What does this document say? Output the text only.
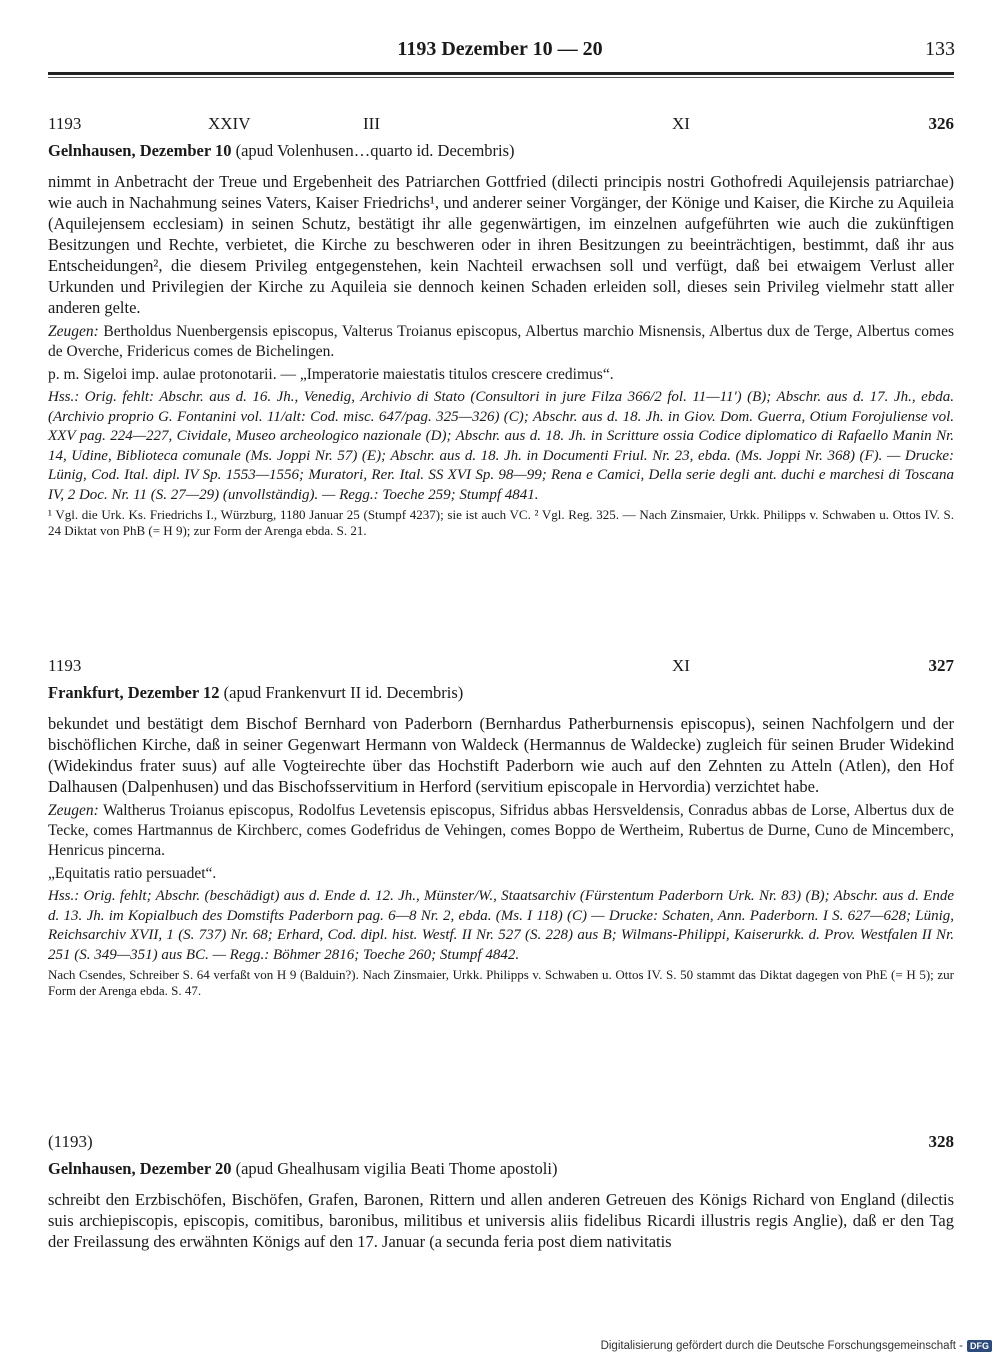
1193 Dezember 10 — 20	133
1193	XXIV	III	XI	326
Gelnhausen, Dezember 10 (apud Volenhusen…quarto id. Decembris)

nimmt in Anbetracht der Treue und Ergebenheit des Patriarchen Gottfried (dilecti principis nostri Gothofredi Aquilejensis patriarchae) wie auch in Nachahmung seines Vaters, Kaiser Friedrichs¹, und anderer seiner Vorgänger, der Könige und Kaiser, die Kirche zu Aquileia (Aquilejensem ecclesiam) in seinen Schutz, bestätigt ihr alle gegenwärtigen, im einzelnen aufgeführten wie auch die zukünftigen Besitzungen und Rechte, verbietet, die Kirche zu beschweren oder in ihren Besitzungen zu beeinträchtigen, bestimmt, daß ihr aus Entscheidungen², die diesem Privileg entgegenstehen, kein Nachteil erwachsen soll und verfügt, daß bei etwaigem Verlust aller Urkunden und Privilegien der Kirche zu Aquileia sie dennoch keinen Schaden erleiden soll, dieses sein Privileg vielmehr statt aller anderen gelte.

Zeugen: Bertholdus Nuenbergensis episcopus, Valterus Troianus episcopus, Albertus marchio Misnensis, Albertus dux de Terge, Albertus comes de Overche, Fridericus comes de Bichelingen.

p. m. Sigeloi imp. aulae protonotarii. — „Imperatorie maiestatis titulos crescere credimus“.

Hss.: Orig. fehlt: Abschr. aus d. 16. Jh., Venedig, Archivio di Stato (Consultori in jure Filza 366/2 fol. 11—11') (B); Abschr. aus d. 17. Jh., ebda. (Archivio proprio G. Fontanini vol. 11/alt: Cod. misc. 647/pag. 325—326) (C); Abschr. aus d. 18. Jh. in Giov. Dom. Guerra, Otium Forojuliense vol. XXV pag. 224—227, Cividale, Museo archeologico nazionale (D); Abschr. aus d. 18. Jh. in Scritture ossia Codice diplomatico di Rafaello Manin Nr. 14, Udine, Biblioteca comunale (Ms. Joppi Nr. 57) (E); Abschr. aus d. 18. Jh. in Documenti Friul. Nr. 23, ebda. (Ms. Joppi Nr. 368) (F). — Drucke: Lünig, Cod. Ital. dipl. IV Sp. 1553—1556; Muratori, Rer. Ital. SS XVI Sp. 98—99; Rena e Camici, Della serie degli ant. duchi e marchesi di Toscana IV, 2 Doc. Nr. 11 (S. 27—29) (unvollständig). — Regg.: Toeche 259; Stumpf 4841.

¹ Vgl. die Urk. Ks. Friedrichs I., Würzburg, 1180 Januar 25 (Stumpf 4237); sie ist auch VC. ² Vgl. Reg. 325. — Nach Zinsmaier, Urkk. Philipps v. Schwaben u. Ottos IV. S. 24 Diktat von PhB (= H 9); zur Form der Arenga ebda. S. 21.

1193	XI	327
Frankfurt, Dezember 12 (apud Frankenvurt II id. Decembris)

bekundet und bestätigt dem Bischof Bernhard von Paderborn (Bernhardus Patherburnensis episcopus), seinen Nachfolgern und der bischöflichen Kirche, daß in seiner Gegenwart Hermann von Waldeck (Hermannus de Waldecke) zugleich für seinen Bruder Widekind (Widekindus frater suus) auf alle Vogteirechte über das Hochstift Paderborn wie auch auf den Zehnten zu Atteln (Atlen), den Hof Dalhausen (Dalpenhusen) und das Bischofsservitium in Herford (servitium episcopale in Hervordia) verzichtet habe.

Zeugen: Waltherus Troianus episcopus, Rodolfus Levetensis episcopus, Sifridus abbas Hersveldensis, Conradus abbas de Lorse, Albertus dux de Tecke, comes Hartmannus de Kirchberc, comes Godefridus de Vehingen, comes Boppo de Wertheim, Rubertus de Durne, Cuno de Mincemberc, Henricus pincerna.

„Equitatis ratio persuadet“.

Hss.: Orig. fehlt; Abschr. (beschädigt) aus d. Ende d. 12. Jh., Münster/W., Staatsarchiv (Fürstentum Paderborn Urk. Nr. 83) (B); Abschr. aus d. Ende d. 13. Jh. im Kopialbuch des Domstifts Paderborn pag. 6—8 Nr. 2, ebda. (Ms. I 118) (C) — Drucke: Schaten, Ann. Paderborn. I S. 627—628; Lünig, Reichsarchiv XVII, 1 (S. 737) Nr. 68; Erhard, Cod. dipl. hist. Westf. II Nr. 527 (S. 228) aus B; Wilmans-Philippi, Kaiserurkk. d. Prov. Westfalen II Nr. 251 (S. 349—351) aus BC. — Regg.: Böhmer 2816; Toeche 260; Stumpf 4842.

Nach Csendes, Schreiber S. 64 verfaßt von H 9 (Balduin?). Nach Zinsmaier, Urkk. Philipps v. Schwaben u. Ottos IV. S. 50 stammt das Diktat dagegen von PhE (= H 5); zur Form der Arenga ebda. S. 47.

(1193)	328
Gelnhausen, Dezember 20 (apud Ghealhusam vigilia Beati Thome apostoli)

schreibt den Erzbischöfen, Bischöfen, Grafen, Baronen, Rittern und allen anderen Getreuen des Königs Richard von England (dilectis suis archiepiscopis, episcopis, comitibus, baronibus, militibus et universis aliis fidelibus Ricardi illustris regis Anglie), daß er den Tag der Freilassung des erwähnten Königs auf den 17. Januar (a secunda feria post diem nativitatis

Digitalisierung gefördert durch die Deutsche Forschungsgemeinschaft - DFG
